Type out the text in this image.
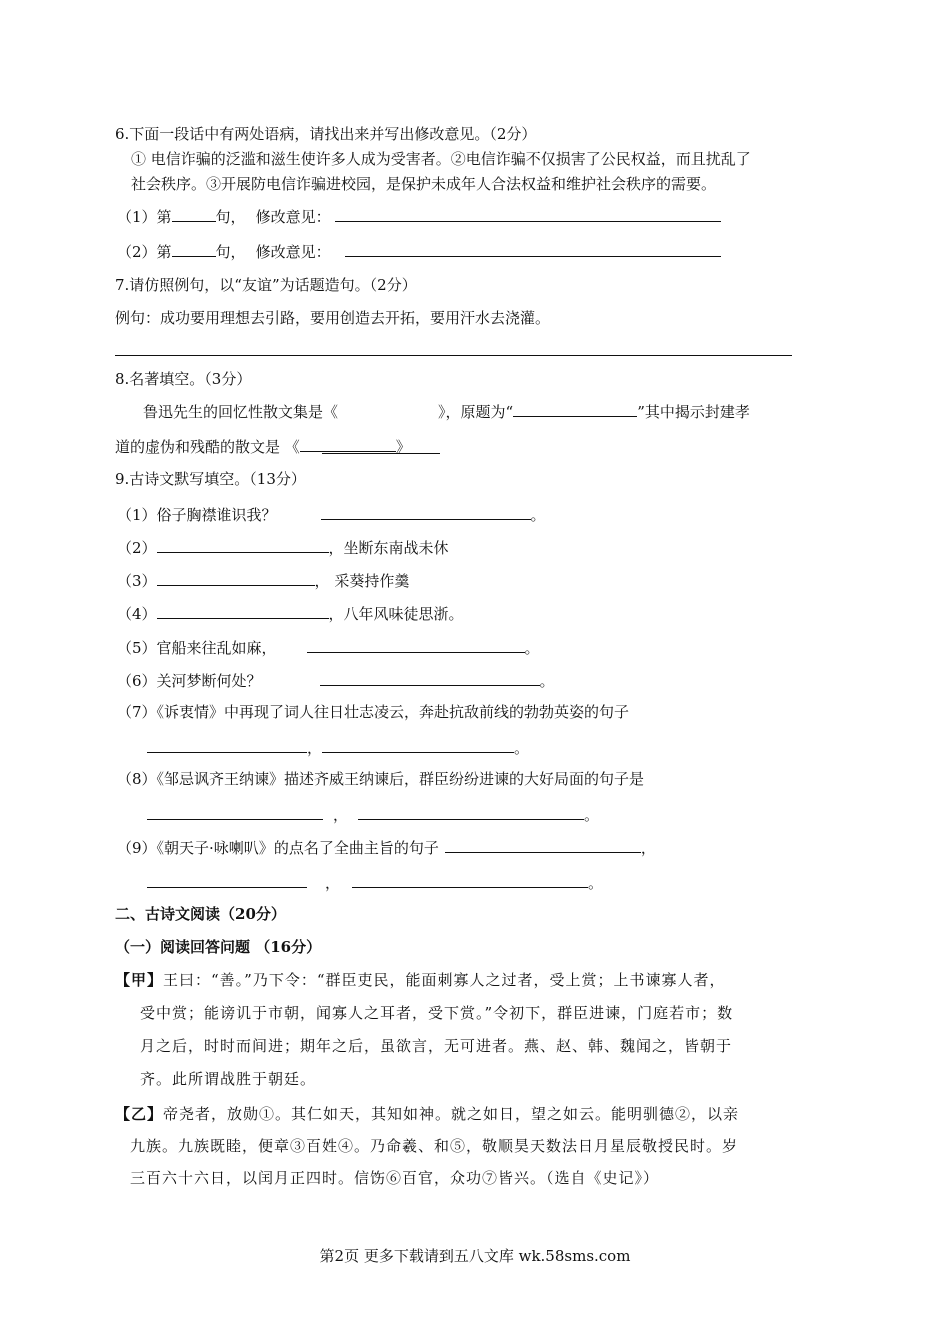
6.下面一段话中有两处语病，请找出来并写出修改意见。（2分）
① 电信诈骗的泛滥和滋生使许多人成为受害者。②电信诈骗不仅损害了公民权益，而且扰乱了
社会秩序。③开展防电信诈骗进校园，是保护未成年人合法权益和维护社会秩序的需要。
（1）第	句， 修改意见：
（2）第	句， 修改意见：
7.请仿照例句，以“友谊”为话题造句。（2分）
例句：成功要用理想去引路，要用创造去开拓，要用汗水去浇灌。
8.名著填空。（3分）
鲁迅先生的回忆性散文集是《	》，原题为“	”其中揭示封建孝
道的虚伪和残酷的散文是 《	》
9.古诗文默写填空。（13分）
（1）俗子胸襟谁识我？	。
（2）	，坐断东南战未休
（3）	， 采葵持作羹
（4）	，八年风味徒思浙。
（5）官船来往乱如麻，	。
（6）关河梦断何处？	。
（7）《诉衷情》中再现了词人往日壮志凌云，奔赴抗敌前线的勃勃英姿的句子
，	。
（8）《邹忌讽齐王纳谏》描述齐威王纳谏后，群臣纷纷进谏的大好局面的句子是
，	。
（9）《朝天子·咏喇叭》的点名了全曲主旨的句子	，
，	。
二、古诗文阅读（20分）
（一）阅读回答问题 （16分）
【甲】王曰：“善。”乃下令：“群臣吏民，能面刺寡人之过者，受上赏；上书谏寡人者，
受中赏；能谤讥于市朝，闻寡人之耳者，受下赏。”令初下，群臣进谏，门庭若市；数
月之后，时时而间进；期年之后，虽欲言，无可进者。燕、赵、韩、魏闻之，皆朝于
齐。此所谓战胜于朝廷。
【乙】帝尧者，放勋①。其仁如天，其知如神。就之如日，望之如云。能明驯德②，以亲
九族。九族既睦，便章③百姓④。乃命羲、和⑤，敬顺昊天数法日月星辰敬授民时。岁
三百六十六日，以闰月正四时。信饬⑥百官，众功⑦皆兴。（选自《史记》）
第2页 更多下载请到五八文库 wk.58sms.com
